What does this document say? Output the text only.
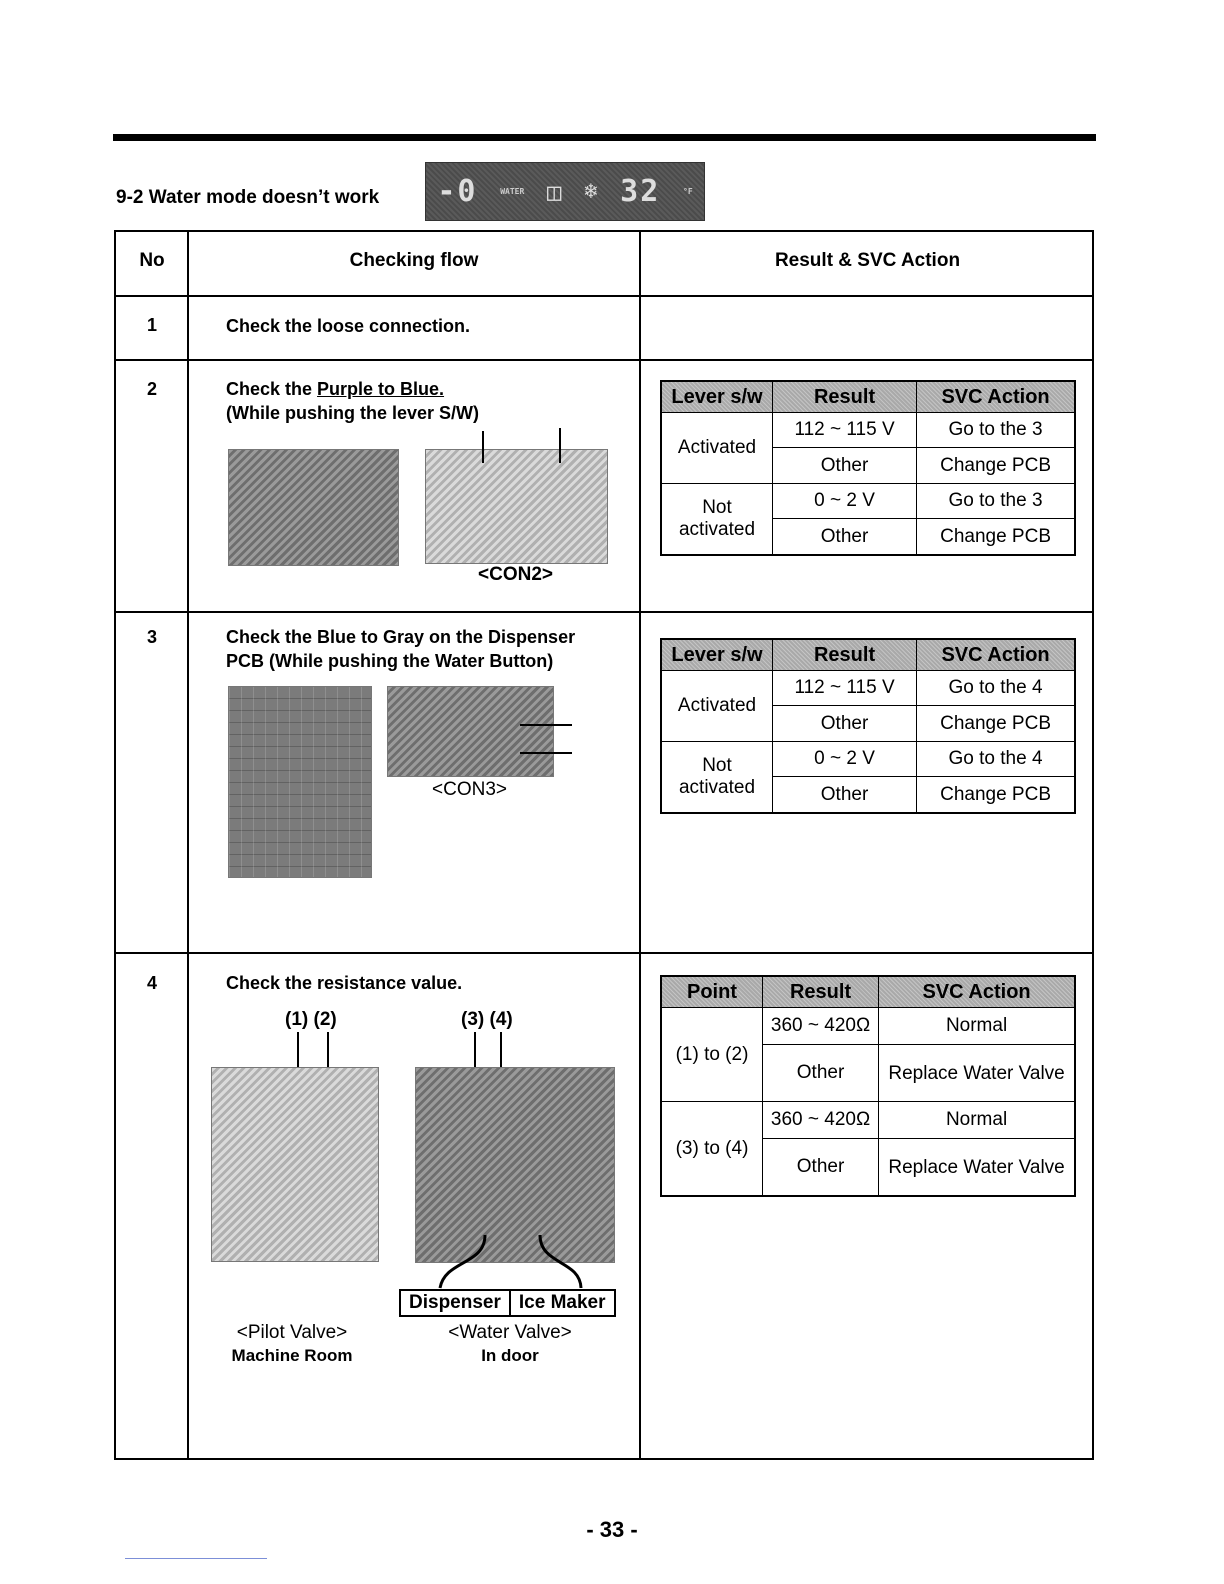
9-2 Water mode doesn’t work -0	WATER ◫ ❄ 32	°F
No	Checking flow	Result & SVC Action
1	Check the loose connection.
2	Check the Purple to Blue.
(While pushing the lever S/W)
<CON2>
Lever s/w	Result	SVC Action
Activated	112 ~ 115 V	Go to the 3
	Other	Change PCB
Not activated	0 ~ 2 V	Go to the 3
	Other	Change PCB
3	Check the Blue to Gray on the Dispenser
PCB (While pushing the Water Button)
<CON3>
Lever s/w	Result	SVC Action
Activated	112 ~ 115 V	Go to the 4
	Other	Change PCB
Not activated	0 ~ 2 V	Go to the 4
	Other	Change PCB
4	Check the resistance value.
(1) (2)	(3) (4)
Dispenser Ice Maker
<Pilot Valve>
Machine Room
<Water Valve>
In door
Point	Result	SVC Action
(1) to (2)	360 ~ 420Ω	Normal
	Other	Replace Water Valve
(3) to (4)	360 ~ 420Ω	Normal
	Other	Replace Water Valve
- 33 -
